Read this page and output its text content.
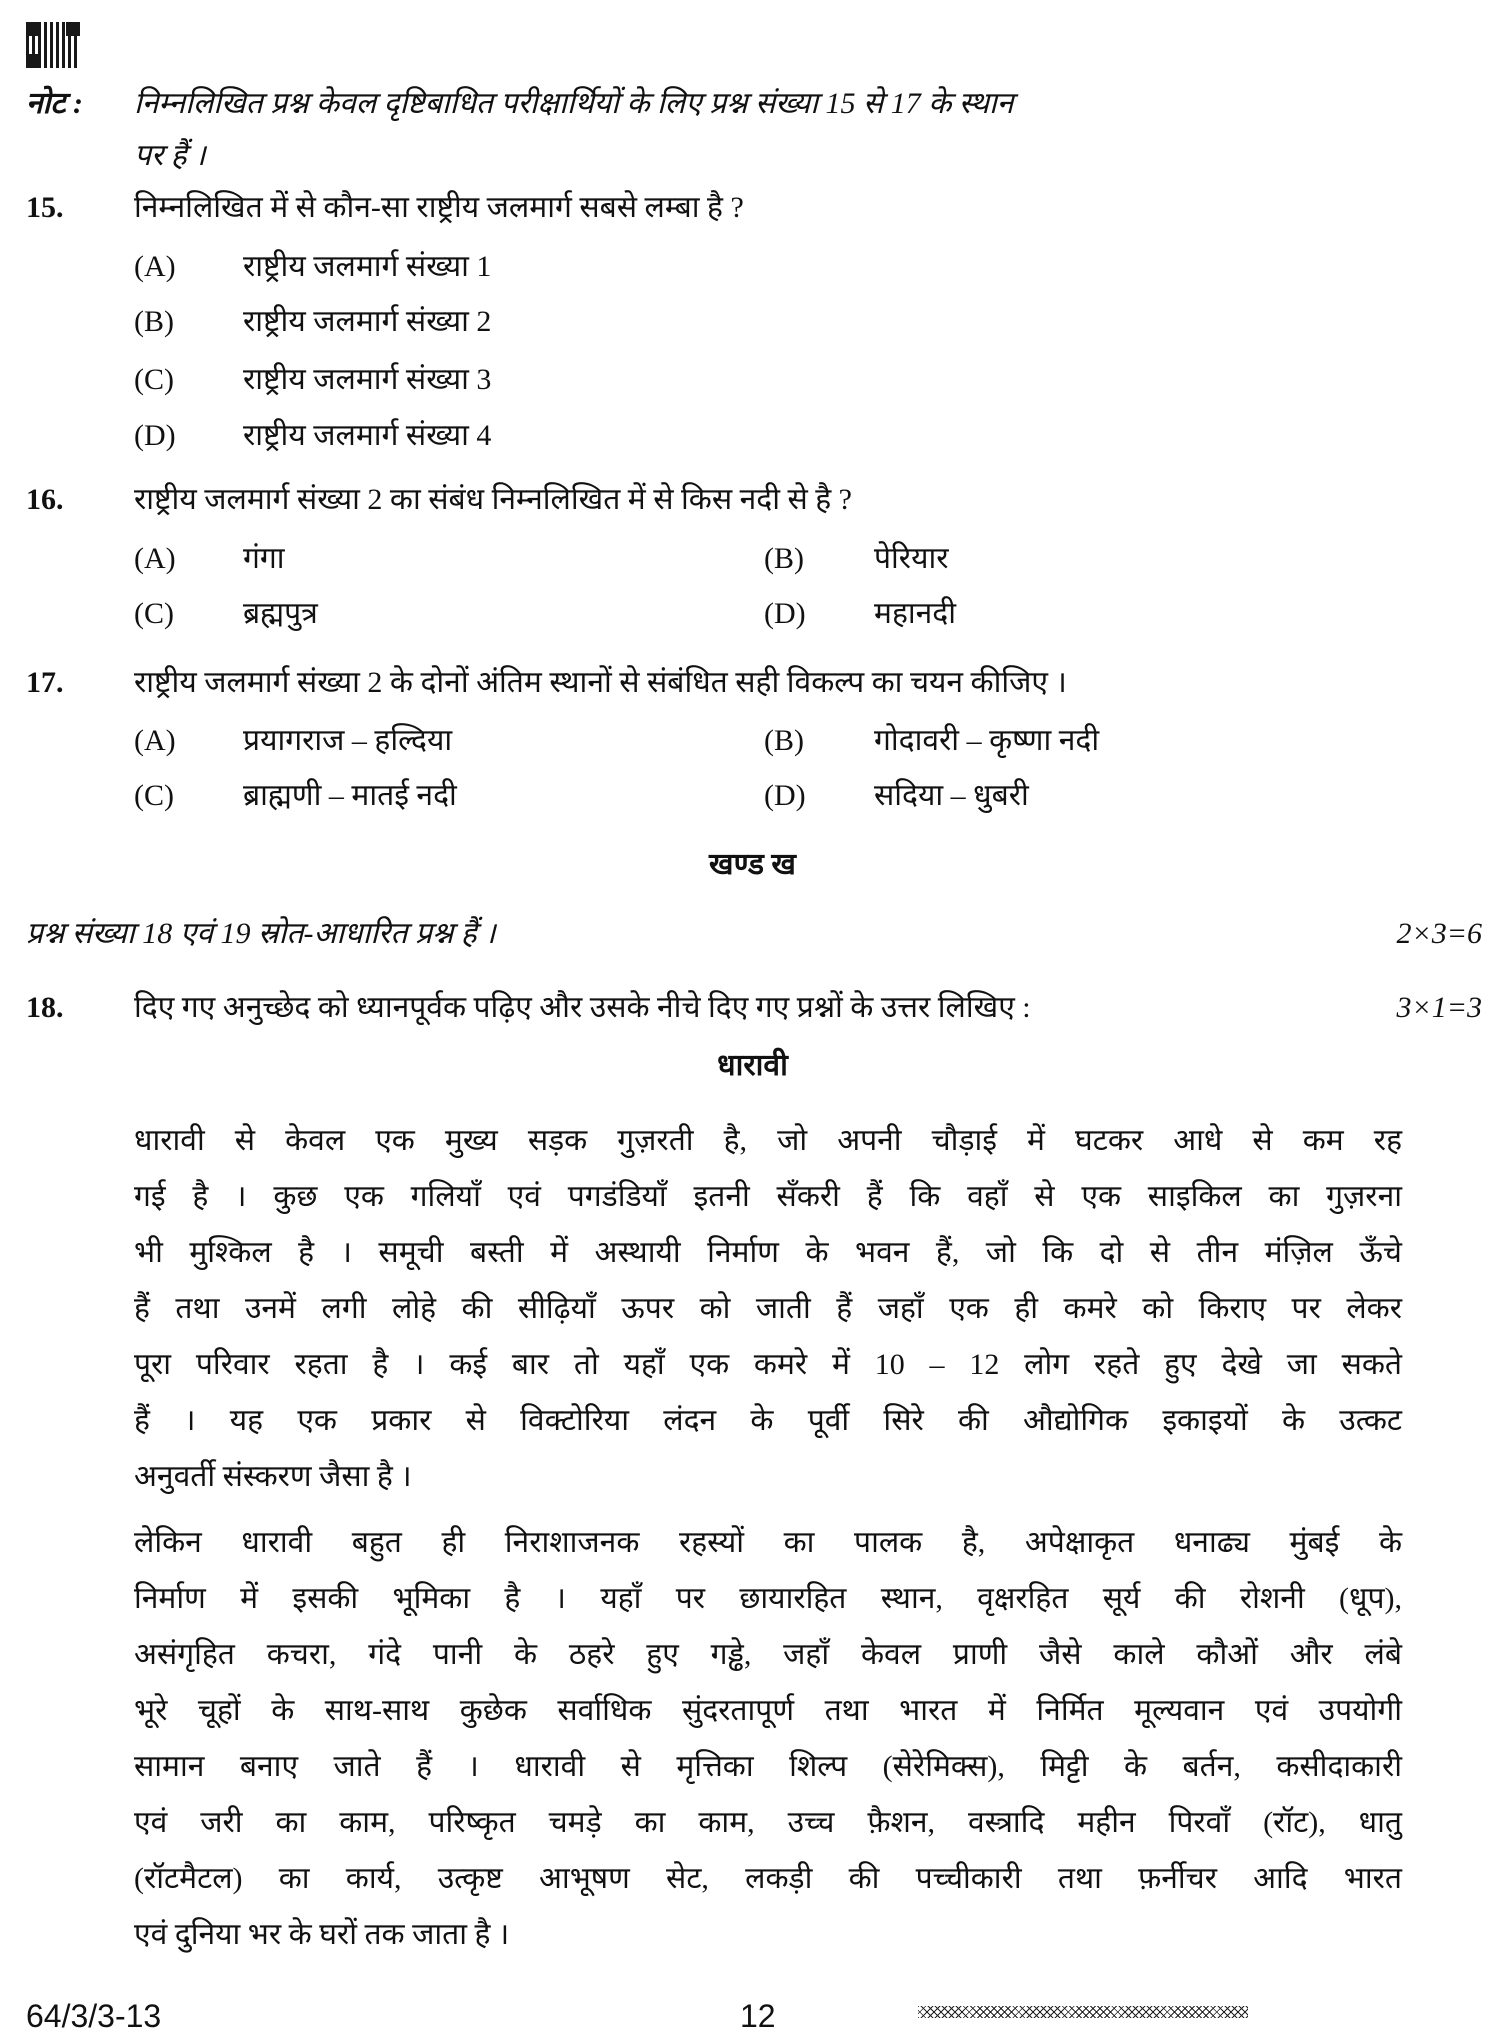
नोट : निम्नलिखित प्रश्न केवल दृष्टिबाधित परीक्षार्थियों के लिए प्रश्न संख्या 15 से 17 के स्थान
पर हैं ।
15. निम्नलिखित में से कौन-सा राष्ट्रीय जलमार्ग सबसे लम्बा है ?
(A) राष्ट्रीय जलमार्ग संख्या 1
(B) राष्ट्रीय जलमार्ग संख्या 2
(C) राष्ट्रीय जलमार्ग संख्या 3
(D) राष्ट्रीय जलमार्ग संख्या 4
16. राष्ट्रीय जलमार्ग संख्या 2 का संबंध निम्नलिखित में से किस नदी से है ?
(A) गंगा	(B) पेरियार
(C) ब्रह्मपुत्र	(D) महानदी
17. राष्ट्रीय जलमार्ग संख्या 2 के दोनों अंतिम स्थानों से संबंधित सही विकल्प का चयन कीजिए ।
(A) प्रयागराज – हल्दिया	(B) गोदावरी – कृष्णा नदी
(C) ब्राह्मणी – मातई नदी	(D) सदिया – धुबरी
खण्ड ख
प्रश्न संख्या 18 एवं 19 स्रोत-आधारित प्रश्न हैं ।	2×3=6
18. दिए गए अनुच्छेद को ध्यानपूर्वक पढ़िए और उसके नीचे दिए गए प्रश्नों के उत्तर लिखिए :	3×1=3
धारावी
धारावी से केवल एक मुख्य सड़क गुज़रती है, जो अपनी चौड़ाई में घटकर आधे से कम रह
गई है । कुछ एक गलियाँ एवं पगडंडियाँ इतनी सँकरी हैं कि वहाँ से एक साइकिल का गुज़रना
भी मुश्किल है । समूची बस्ती में अस्थायी निर्माण के भवन हैं, जो कि दो से तीन मंज़िल ऊँचे
हैं तथा उनमें लगी लोहे की सीढ़ियाँ ऊपर को जाती हैं जहाँ एक ही कमरे को किराए पर लेकर
पूरा परिवार रहता है । कई बार तो यहाँ एक कमरे में 10 – 12 लोग रहते हुए देखे जा सकते
हैं । यह एक प्रकार से विक्टोरिया लंदन के पूर्वी सिरे की औद्योगिक इकाइयों के उत्कट
अनुवर्ती संस्करण जैसा है ।
लेकिन धारावी बहुत ही निराशाजनक रहस्यों का पालक है, अपेक्षाकृत धनाढ्य मुंबई के
निर्माण में इसकी भूमिका है । यहाँ पर छायारहित स्थान, वृक्षरहित सूर्य की रोशनी (धूप),
असंगृहित कचरा, गंदे पानी के ठहरे हुए गड्ढे, जहाँ केवल प्राणी जैसे काले कौओं और लंबे
भूरे चूहों के साथ-साथ कुछेक सर्वाधिक सुंदरतापूर्ण तथा भारत में निर्मित मूल्यवान एवं उपयोगी
सामान बनाए जाते हैं । धारावी से मृत्तिका शिल्प (सेरेमिक्स), मिट्टी के बर्तन, कसीदाकारी
एवं जरी का काम, परिष्कृत चमड़े का काम, उच्च फ़ैशन, वस्त्रादि महीन पिरवाँ (रॉट), धातु
(रॉटमैटल) का कार्य, उत्कृष्ट आभूषण सेट, लकड़ी की पच्चीकारी तथा फ़र्नीचर आदि भारत
एवं दुनिया भर के घरों तक जाता है ।
64/3/3-13	12
